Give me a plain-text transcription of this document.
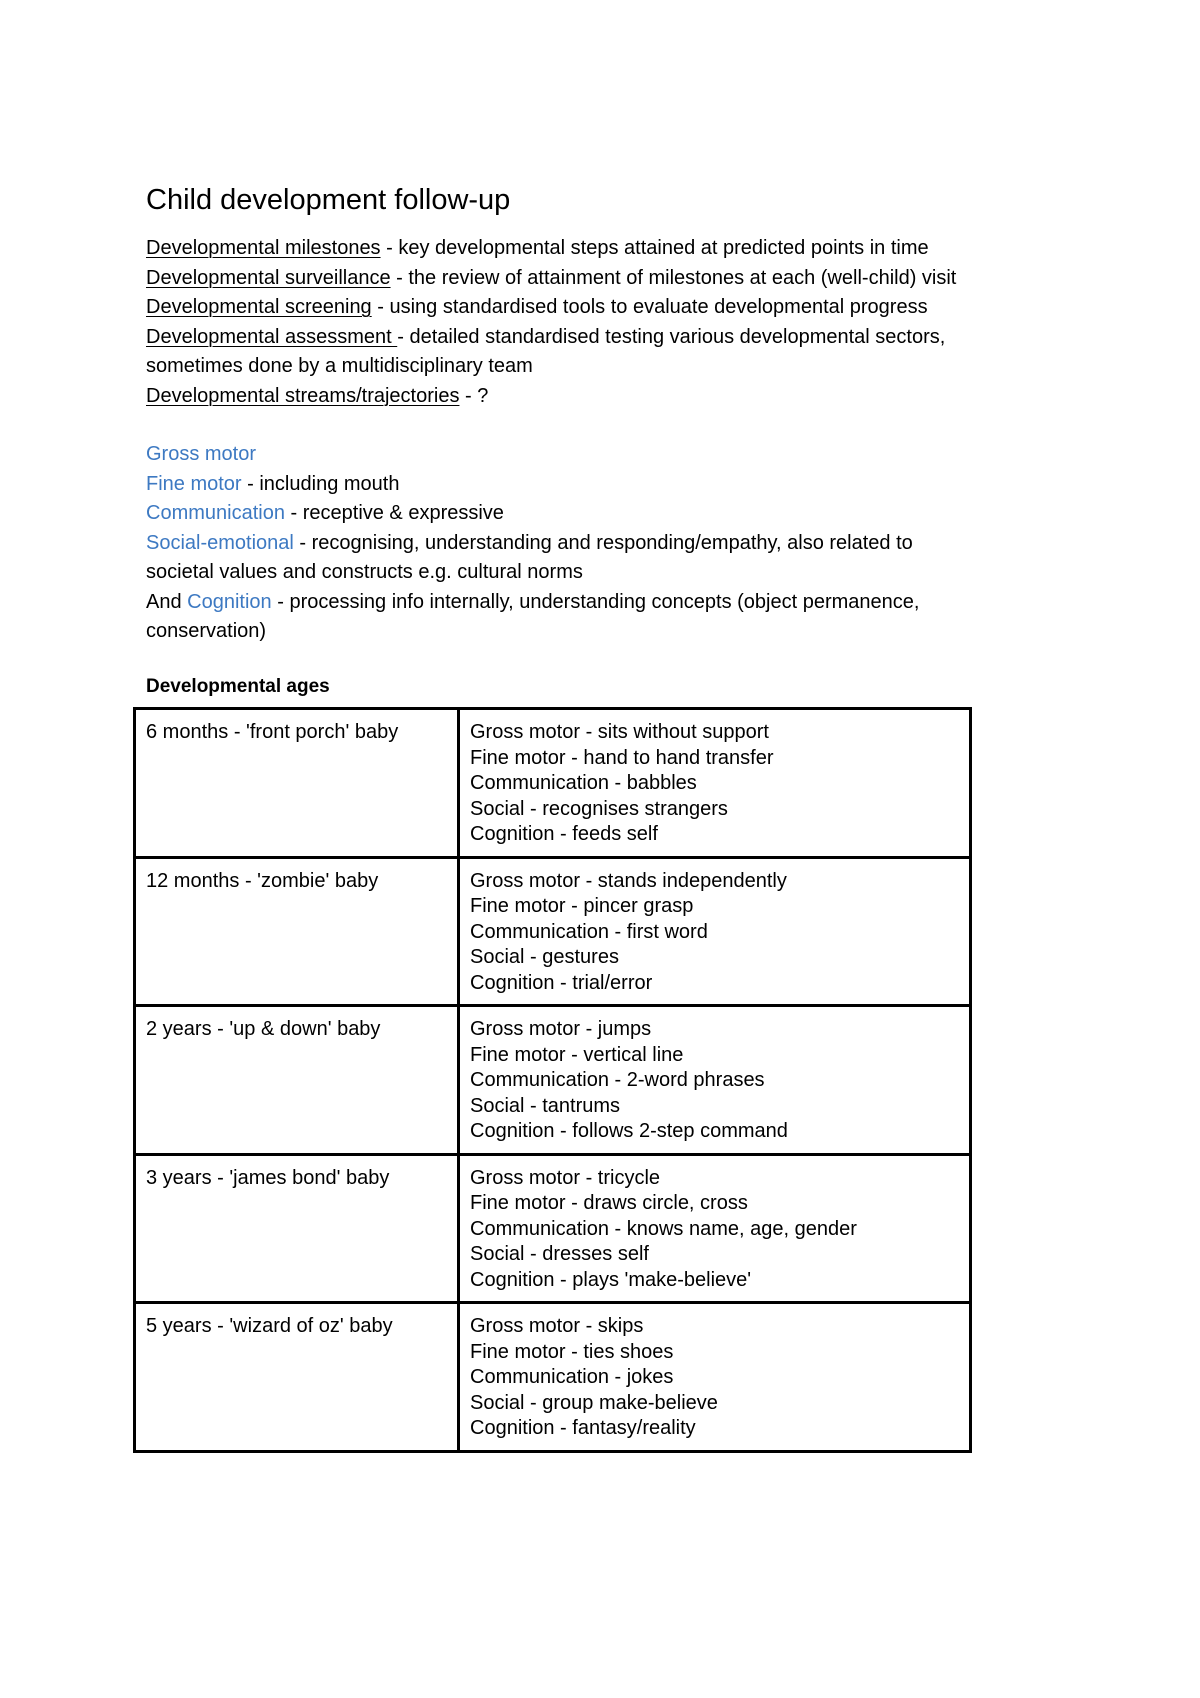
Child development follow-up

Developmental milestones - key developmental steps attained at predicted points in time

Developmental surveillance - the review of attainment of milestones at each (well-child) visit

Developmental screening - using standardised tools to evaluate developmental progress

Developmental assessment - detailed standardised testing various developmental sectors,

sometimes done by a multidisciplinary team

Developmental streams/trajectories - ?

Gross motor

Fine motor - including mouth

Communication - receptive & expressive

Social-emotional - recognising, understanding and responding/empathy, also related to

societal values and constructs e.g. cultural norms

And Cognition - processing info internally, understanding concepts (object permanence,

conservation)

Developmental ages

6 months - 'front porch' baby	Gross motor - sits without support
Fine motor - hand to hand transfer
Communication - babbles
Social - recognises strangers
Cognition - feeds self

12 months - 'zombie' baby	Gross motor - stands independently
Fine motor - pincer grasp
Communication - first word
Social - gestures
Cognition - trial/error

2 years - 'up & down' baby	Gross motor - jumps
Fine motor - vertical line
Communication - 2-word phrases
Social - tantrums
Cognition - follows 2-step command

3 years - 'james bond' baby	Gross motor - tricycle
Fine motor - draws circle, cross
Communication - knows name, age, gender
Social - dresses self
Cognition - plays 'make-believe'

5 years - 'wizard of oz' baby	Gross motor - skips
Fine motor - ties shoes
Communication - jokes
Social - group make-believe
Cognition - fantasy/reality
